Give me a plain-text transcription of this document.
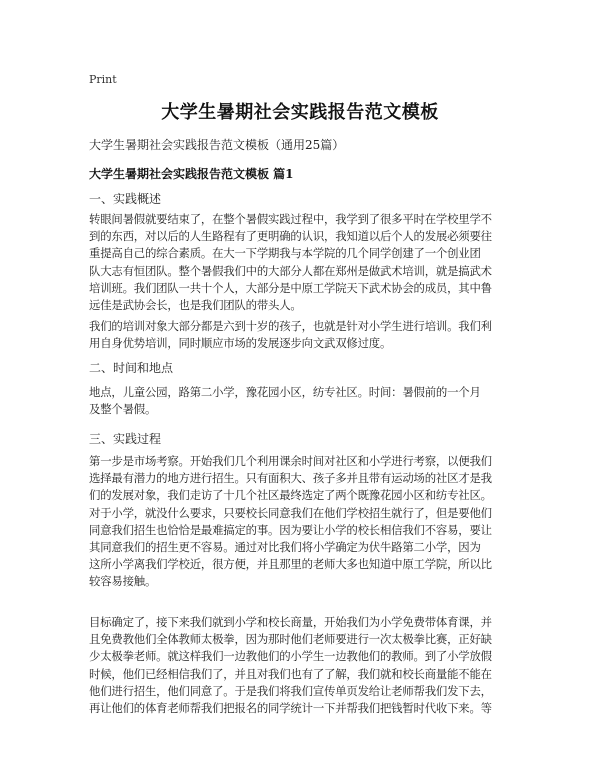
Print
大学生暑期社会实践报告范文模板
大学生暑期社会实践报告范文模板（通用25篇）
大学生暑期社会实践报告范文模板 篇1
一、实践概述
转眼间暑假就要结束了，在整个暑假实践过程中，我学到了很多平时在学校里学不
到的东西，对以后的人生路程有了更明确的认识，我知道以后个人的发展必须要往
重提高自己的综合素质。在大一下学期我与本学院的几个同学创建了一个创业团
队大志有恒团队。整个暑假我们中的大部分人都在郑州是做武术培训，就是搞武术
培训班。我们团队一共十个人，大部分是中原工学院天下武术协会的成员，其中鲁
远佳是武协会长，也是我们团队的带头人。
我们的培训对象大部分都是六到十岁的孩子，也就是针对小学生进行培训。我们利
用自身优势培训，同时顺应市场的发展逐步向文武双修过度。
二、时间和地点
地点，儿童公园，路第二小学，豫花园小区，纺专社区。时间：暑假前的一个月
及整个暑假。
三、实践过程
第一步是市场考察。开始我们几个利用课余时间对社区和小学进行考察，以便我们
选择最有潜力的地方进行招生。只有面积大、孩子多并且带有运动场的社区才是我
们的发展对象，我们走访了十几个社区最终选定了两个既豫花园小区和纺专社区。
对于小学，就没什么要求，只要校长同意我们在他们学校招生就行了，但是要他们
同意我们招生也恰恰是最难搞定的事。因为要让小学的校长相信我们不容易，要让
其同意我们的招生更不容易。通过对比我们将小学确定为伏牛路第二小学，因为
这所小学离我们学校近，很方便，并且那里的老师大多也知道中原工学院，所以比
较容易接触。
目标确定了，接下来我们就到小学和校长商量，开始我们为小学免费带体育课，并
且免费教他们全体教师太极拳，因为那时他们老师要进行一次太极拳比赛，正好缺
少太极拳老师。就这样我们一边教他们的小学生一边教他们的教师。到了小学放假
时候，他们已经相信我们了，并且对我们也有了了解，我们就和校长商量能不能在
他们进行招生，他们同意了。于是我们将我们宣传单页发给让老师帮我们发下去，
再让他们的体育老师帮我们把报名的同学统计一下并帮我们把钱暂时代收下来。等
